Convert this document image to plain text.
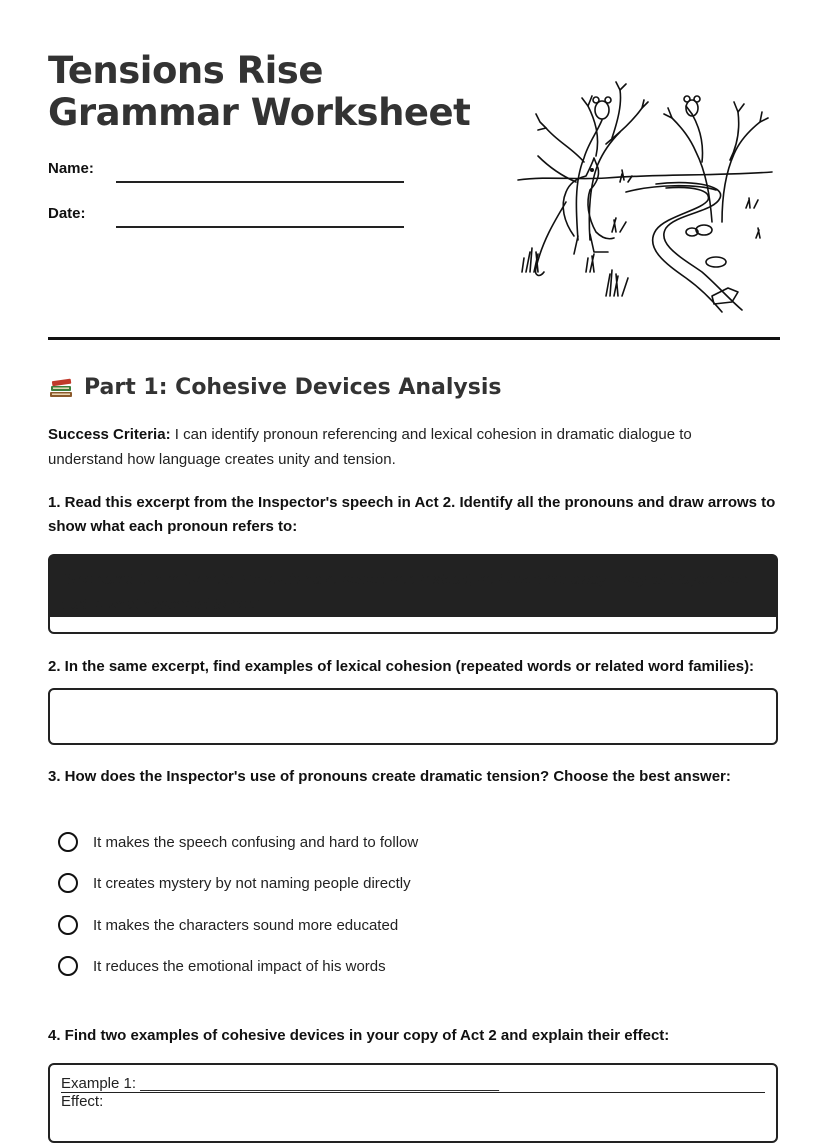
Tensions Rise Grammar Worksheet
Name:
Date:
Part 1: Cohesive Devices Analysis
Success Criteria: I can identify pronoun referencing and lexical cohesion in dramatic dialogue to understand how language creates unity and tension.
1. Read this excerpt from the Inspector's speech in Act 2. Identify all the pronouns and draw arrows to show what each pronoun refers to:
"She came to him for help. He could have helped her. Instead, he turned her away. They all played their
part in what happened to her."
2. In the same excerpt, find examples of lexical cohesion (repeated words or related word families):
3. How does the Inspector's use of pronouns create dramatic tension? Choose the best answer:
It makes the speech confusing and hard to follow
It creates mystery by not naming people directly
It makes the characters sound more educated
It reduces the emotional impact of his words
4. Find two examples of cohesive devices in your copy of Act 2 and explain their effect:
Example 1: ___________________________________________
Effect:
